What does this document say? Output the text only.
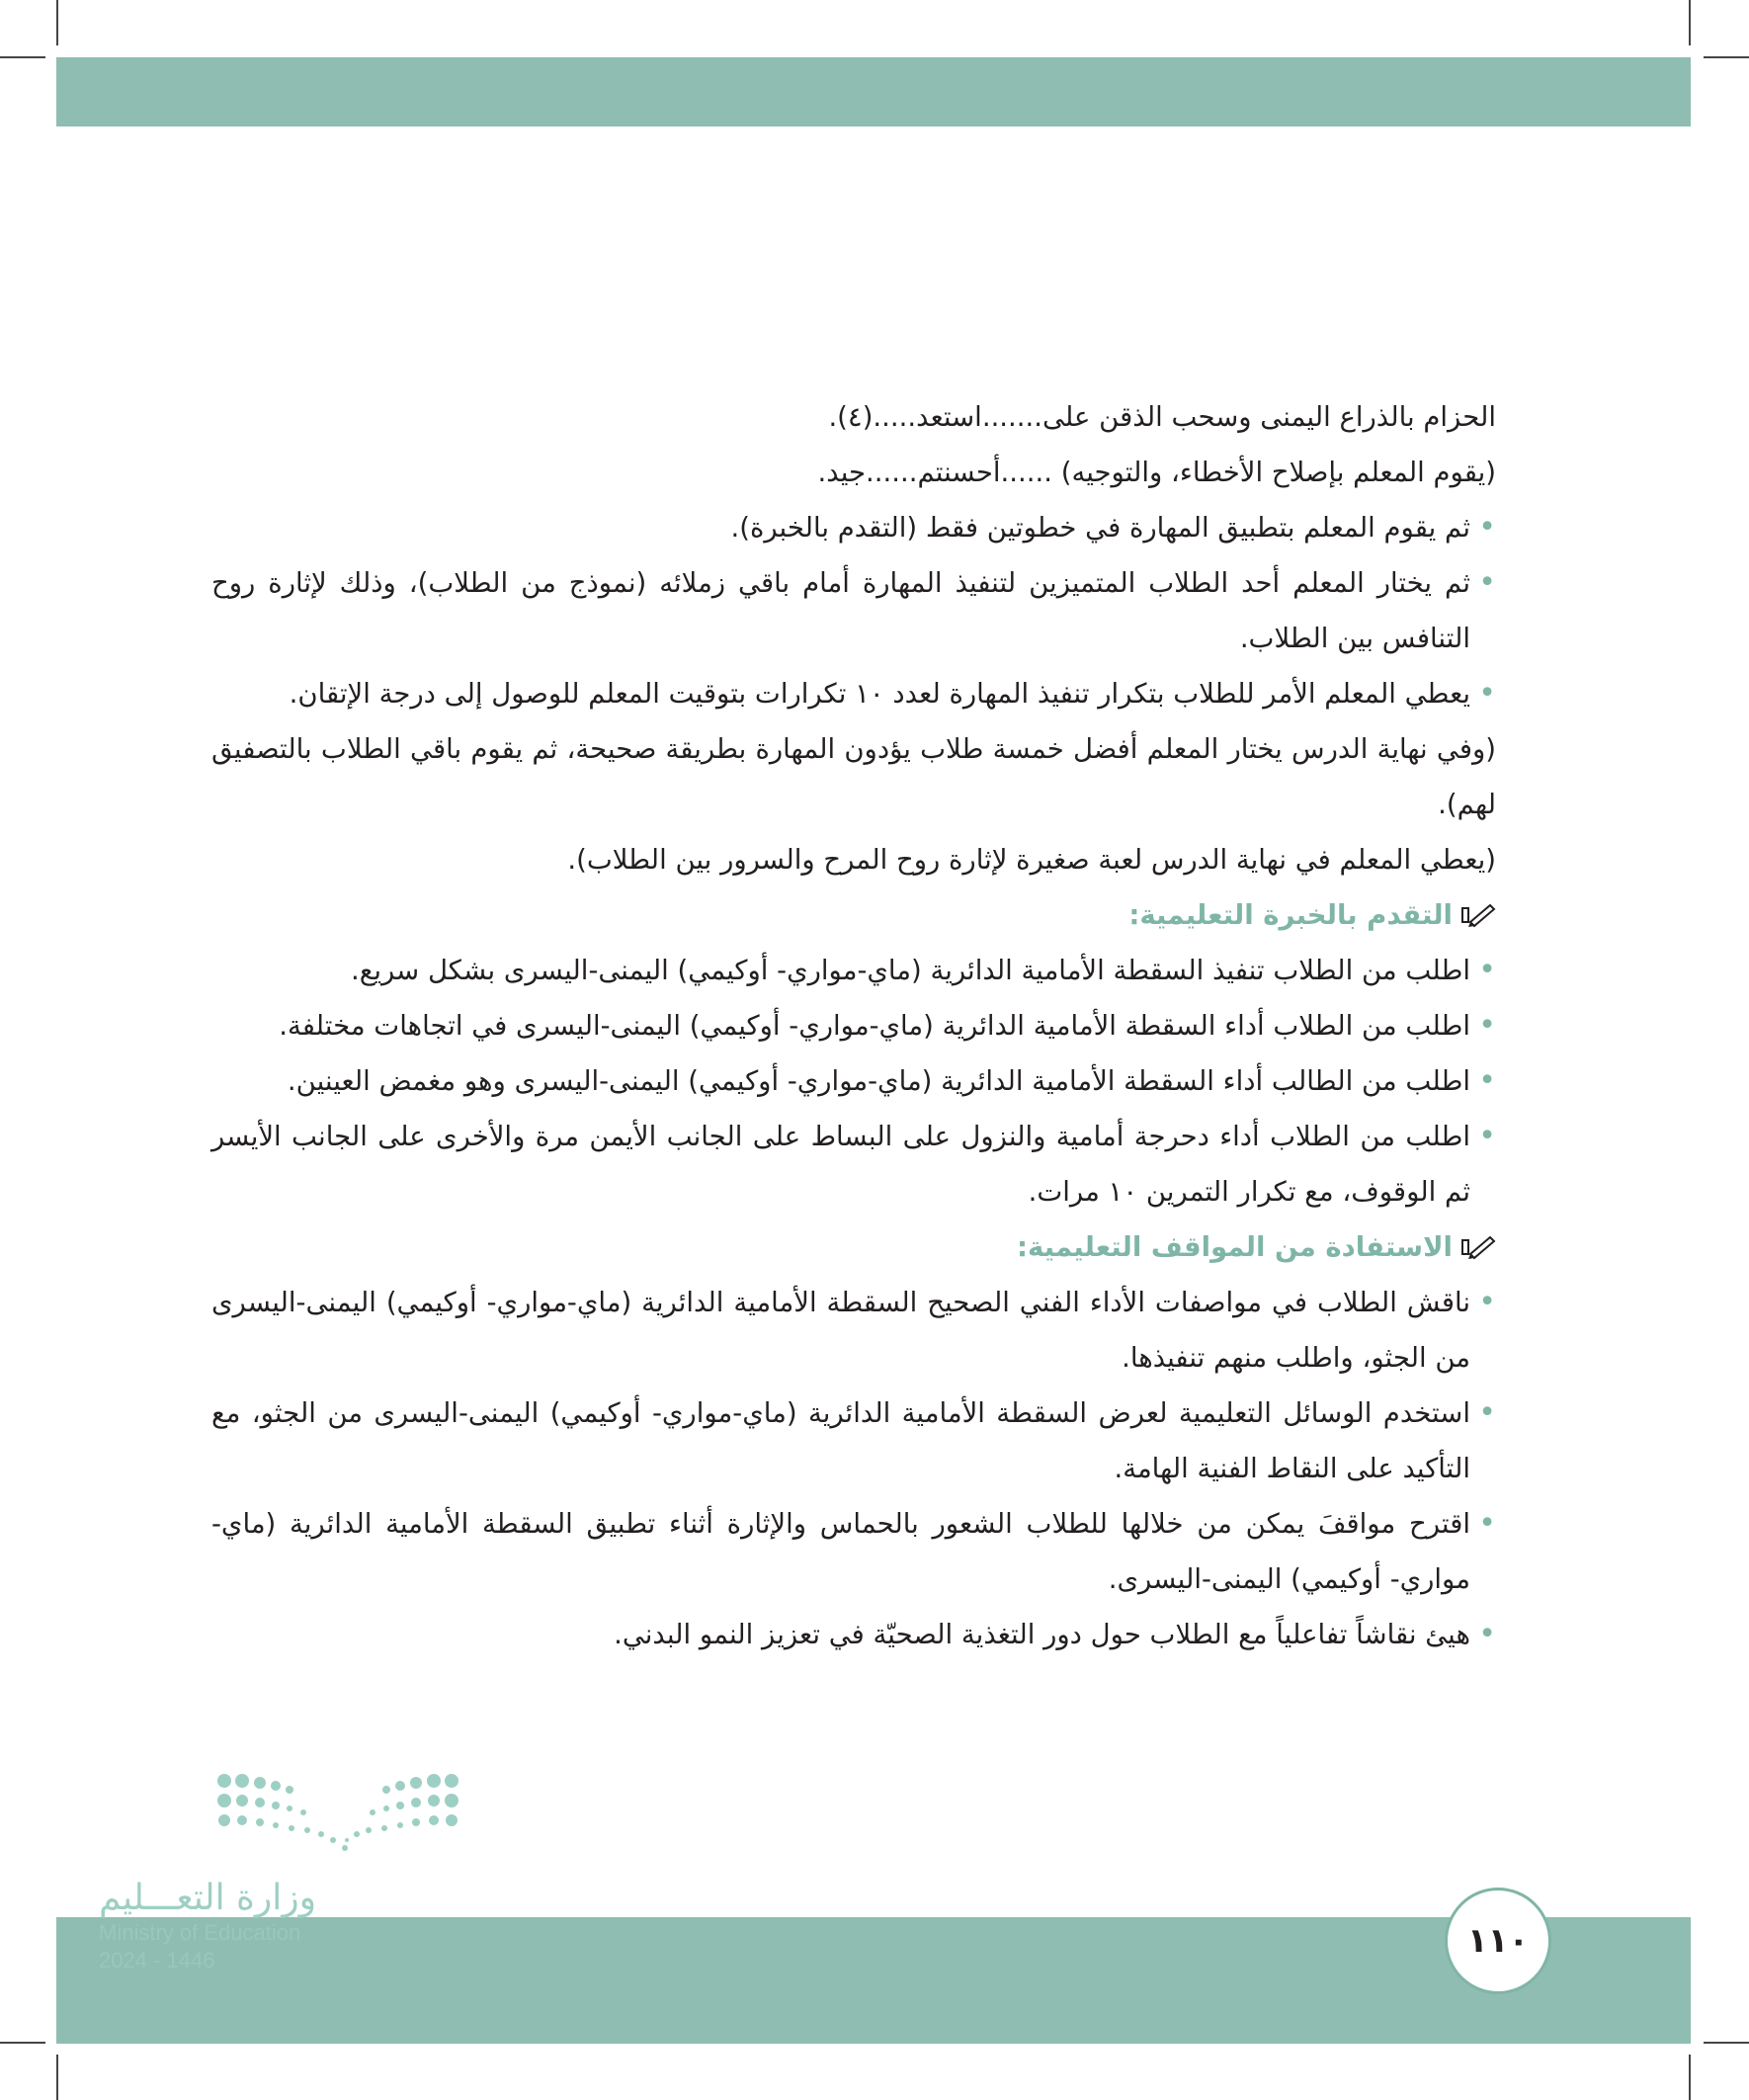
الحزام بالذراع اليمنى وسحب الذقن على.......استعد.....(٤).

(يقوم المعلم بإصلاح الأخطاء، والتوجيه) ......أحسنتم......جيد.

• ثم يقوم المعلم بتطبيق المهارة في خطوتين فقط (التقدم بالخبرة).

• ثم يختار المعلم أحد الطلاب المتميزين لتنفيذ المهارة أمام باقي زملائه (نموذج من الطلاب)، وذلك لإثارة روح التنافس بين الطلاب.

• يعطي المعلم الأمر للطلاب بتكرار تنفيذ المهارة لعدد ١٠ تكرارات بتوقيت المعلم للوصول إلى درجة الإتقان.

(وفي نهاية الدرس يختار المعلم أفضل خمسة طلاب يؤدون المهارة بطريقة صحيحة، ثم يقوم باقي الطلاب بالتصفيق لهم).

(يعطي المعلم في نهاية الدرس لعبة صغيرة لإثارة روح المرح والسرور بين الطلاب).

التقدم بالخبرة التعليمية:

• اطلب من الطلاب تنفيذ السقطة الأمامية الدائرية (ماي-مواري- أوكيمي) اليمنى-اليسرى بشكل سريع.

• اطلب من الطلاب أداء السقطة الأمامية الدائرية (ماي-مواري- أوكيمي) اليمنى-اليسرى في اتجاهات مختلفة.

• اطلب من الطالب أداء السقطة الأمامية الدائرية (ماي-مواري- أوكيمي) اليمنى-اليسرى وهو مغمض العينين.

• اطلب من الطلاب أداء دحرجة أمامية والنزول على البساط على الجانب الأيمن مرة والأخرى على الجانب الأيسر ثم الوقوف، مع تكرار التمرين ١٠ مرات.

الاستفادة من المواقف التعليمية:

• ناقش الطلاب في مواصفات الأداء الفني الصحيح السقطة الأمامية الدائرية (ماي-مواري- أوكيمي) اليمنى-اليسرى من الجثو، واطلب منهم تنفيذها.

• استخدم الوسائل التعليمية لعرض السقطة الأمامية الدائرية (ماي-مواري- أوكيمي) اليمنى-اليسرى من الجثو، مع التأكيد على النقاط الفنية الهامة.

• اقترح مواقفَ يمكن من خلالها للطلاب الشعور بالحماس والإثارة أثناء تطبيق السقطة الأمامية الدائرية (ماي-مواري- أوكيمي) اليمنى-اليسرى.

• هيئ نقاشاً تفاعلياً مع الطلاب حول دور التغذية الصحيّة في تعزيز النمو البدني.

وزارة التعـــليم
Ministry of Education
2024 - 1446	١١٠
